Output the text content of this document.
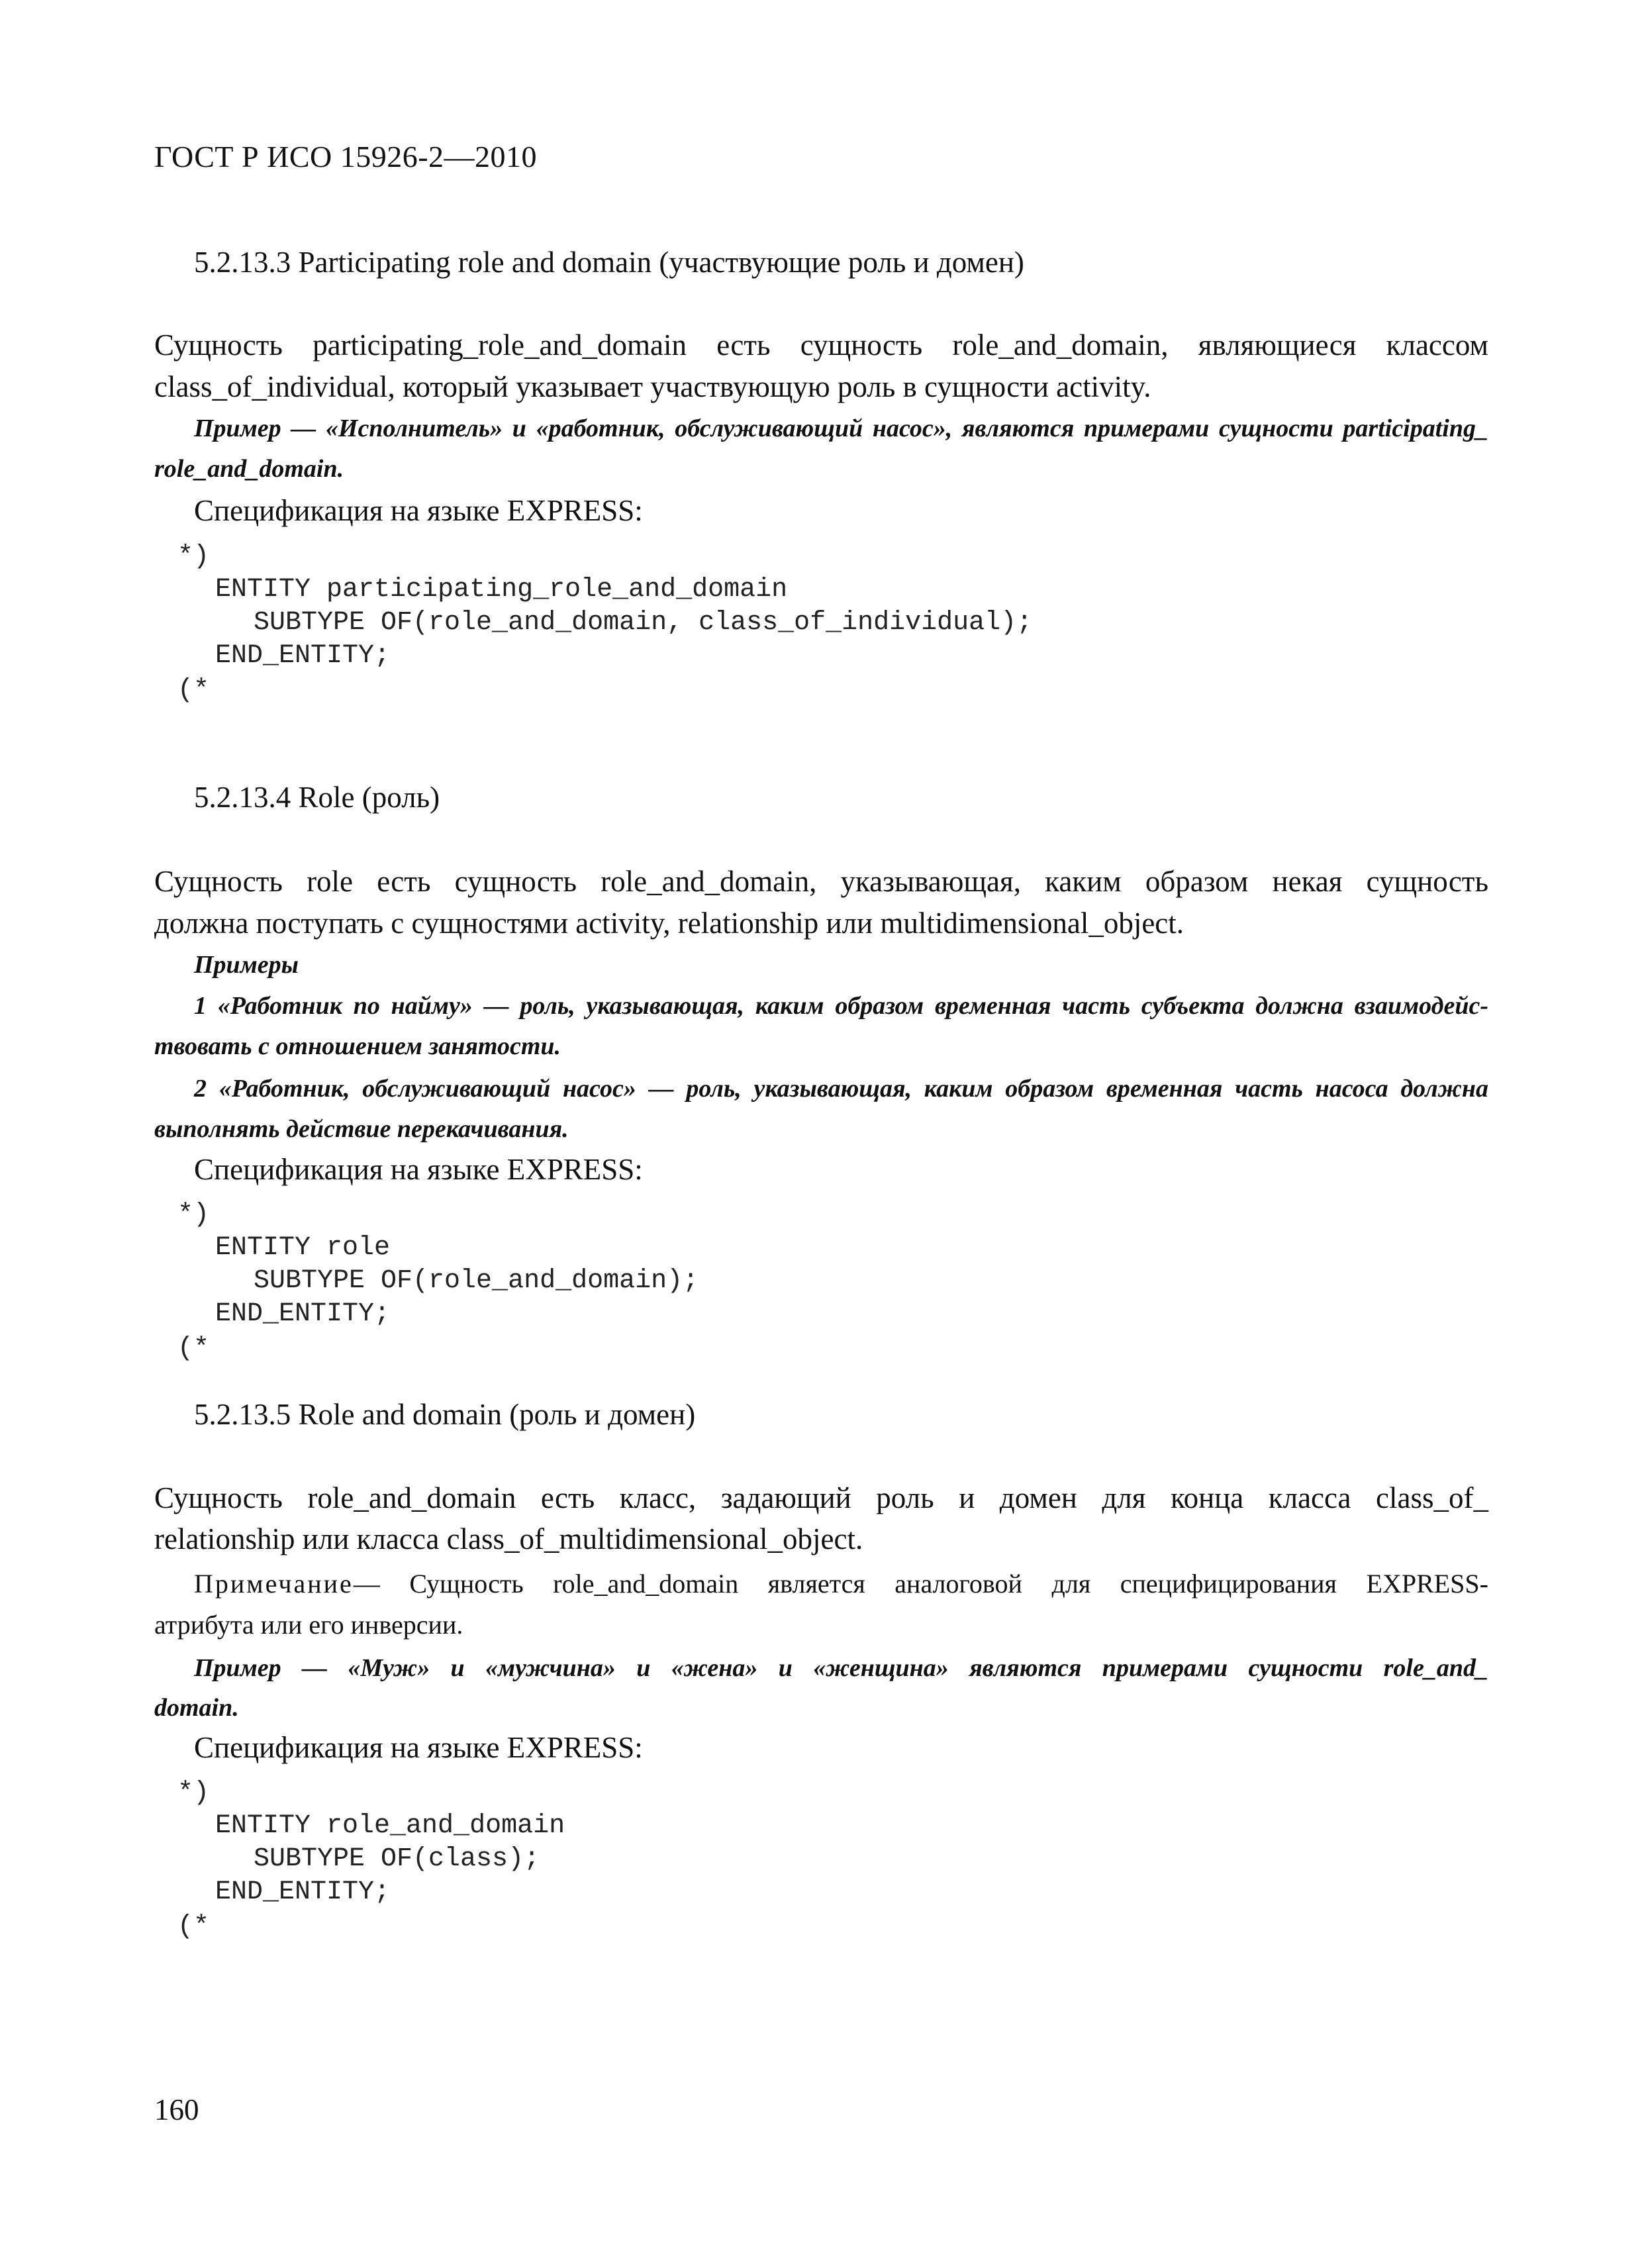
ГОСТ Р ИСО 15926-2—2010
5.2.13.3 Participating role and domain (участвующие роль и домен)
Сущность participating_role_and_domain есть сущность role_and_domain, являющиеся классом
class_of_individual, который указывает участвующую роль в сущности activity.
Пример — «Исполнитель» и «работник, обслуживающий насос», являются примерами сущности participating_
role_and_domain.
Спецификация на языке EXPRESS:
*)
ENTITY participating_role_and_domain
SUBTYPE OF(role_and_domain, class_of_individual);
END_ENTITY;
(*
5.2.13.4 Role (роль)
Сущность role есть сущность role_and_domain, указывающая, каким образом некая сущность
должна поступать с сущностями activity, relationship или multidimensional_object.
Примеры
1 «Работник по найму» — роль, указывающая, каким образом временная часть субъекта должна взаимодейс-
твовать с отношением занятости.
2 «Работник, обслуживающий насос» — роль, указывающая, каким образом временная часть насоса должна
выполнять действие перекачивания.
Спецификация на языке EXPRESS:
*)
ENTITY role
SUBTYPE OF(role_and_domain);
END_ENTITY;
(*
5.2.13.5 Role and domain (роль и домен)
Сущность role_and_domain есть класс, задающий роль и домен для конца класса class_of_
relationship или класса class_of_multidimensional_object.
Примечание — Сущность role_and_domain является аналоговой для специфицирования EXPRESS-
атрибута или его инверсии.
Пример — «Муж» и «мужчина» и «жена» и «женщина» являются примерами сущности role_and_
domain.
Спецификация на языке EXPRESS:
*)
ENTITY role_and_domain
SUBTYPE OF(class);
END_ENTITY;
(*
160
